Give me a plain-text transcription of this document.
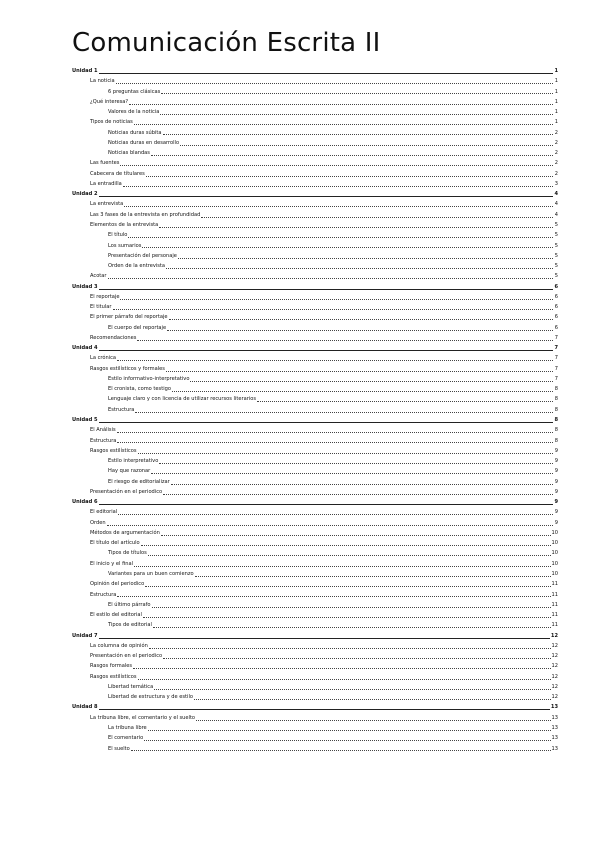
Comunicación Escrita II
Unidad 1	1
La noticia	1
6 preguntas clásicas	1
¿Qué interesa?	1
Valores de la noticia	1
Tipos de noticias	1
Noticias duras súbita	2
Noticias duras en desarrollo	2
Noticias blandas	2
Las fuentes	2
Cabecera de títulares	2
La entradilla	3
Unidad 2	4
La entrevista	4
Las 3 fases de la entrevista en profundidad	4
Elementos de la entrevista	5
El título	5
Los sumarios	5
Presentación del personaje	5
Orden de la entrevista	5
Acotar	5
Unidad 3	6
El reportaje	6
El titular	6
El primer párrafo del reportaje	6
El cuerpo del reportaje	6
Recomendaciones	7
Unidad 4	7
La crónica	7
Rasgos estilísticos y formales	7
Estilo informativo-interpretativo	7
El cronista, como testigo	8
Lenguaje claro y con licencia de utilizar recursos literarios	8
Estructura	8
Unidad 5	8
El Análisis	8
Estructura	8
Rasgos estilísticos	9
Estilo interpretativo	9
Hay que razonar	9
El riesgo de editorializar	9
Presentación en el periodico	9
Unidad 6	9
El editorial	9
Orden	9
Métodos de argumentación	10
El título del artículo	10
Tipos de títulos	10
El inicio y el final	10
Variantes para un buen comienzo	10
Opinión del periodico	11
Estructura	11
El último párrafo	11
El estilo del editorial	11
Tipos de editorial	11
Unidad 7	12
La columna de opinión	12
Presentación en el periodico	12
Rasgos formales	12
Rasgos estilísticos	12
Libertad temática	12
Libertad de estructura y de estilo	12
Unidad 8	13
La tribuna libre, el comentario y el suelto	13
La tribuna libre	13
El comentario	13
El suelto	13
